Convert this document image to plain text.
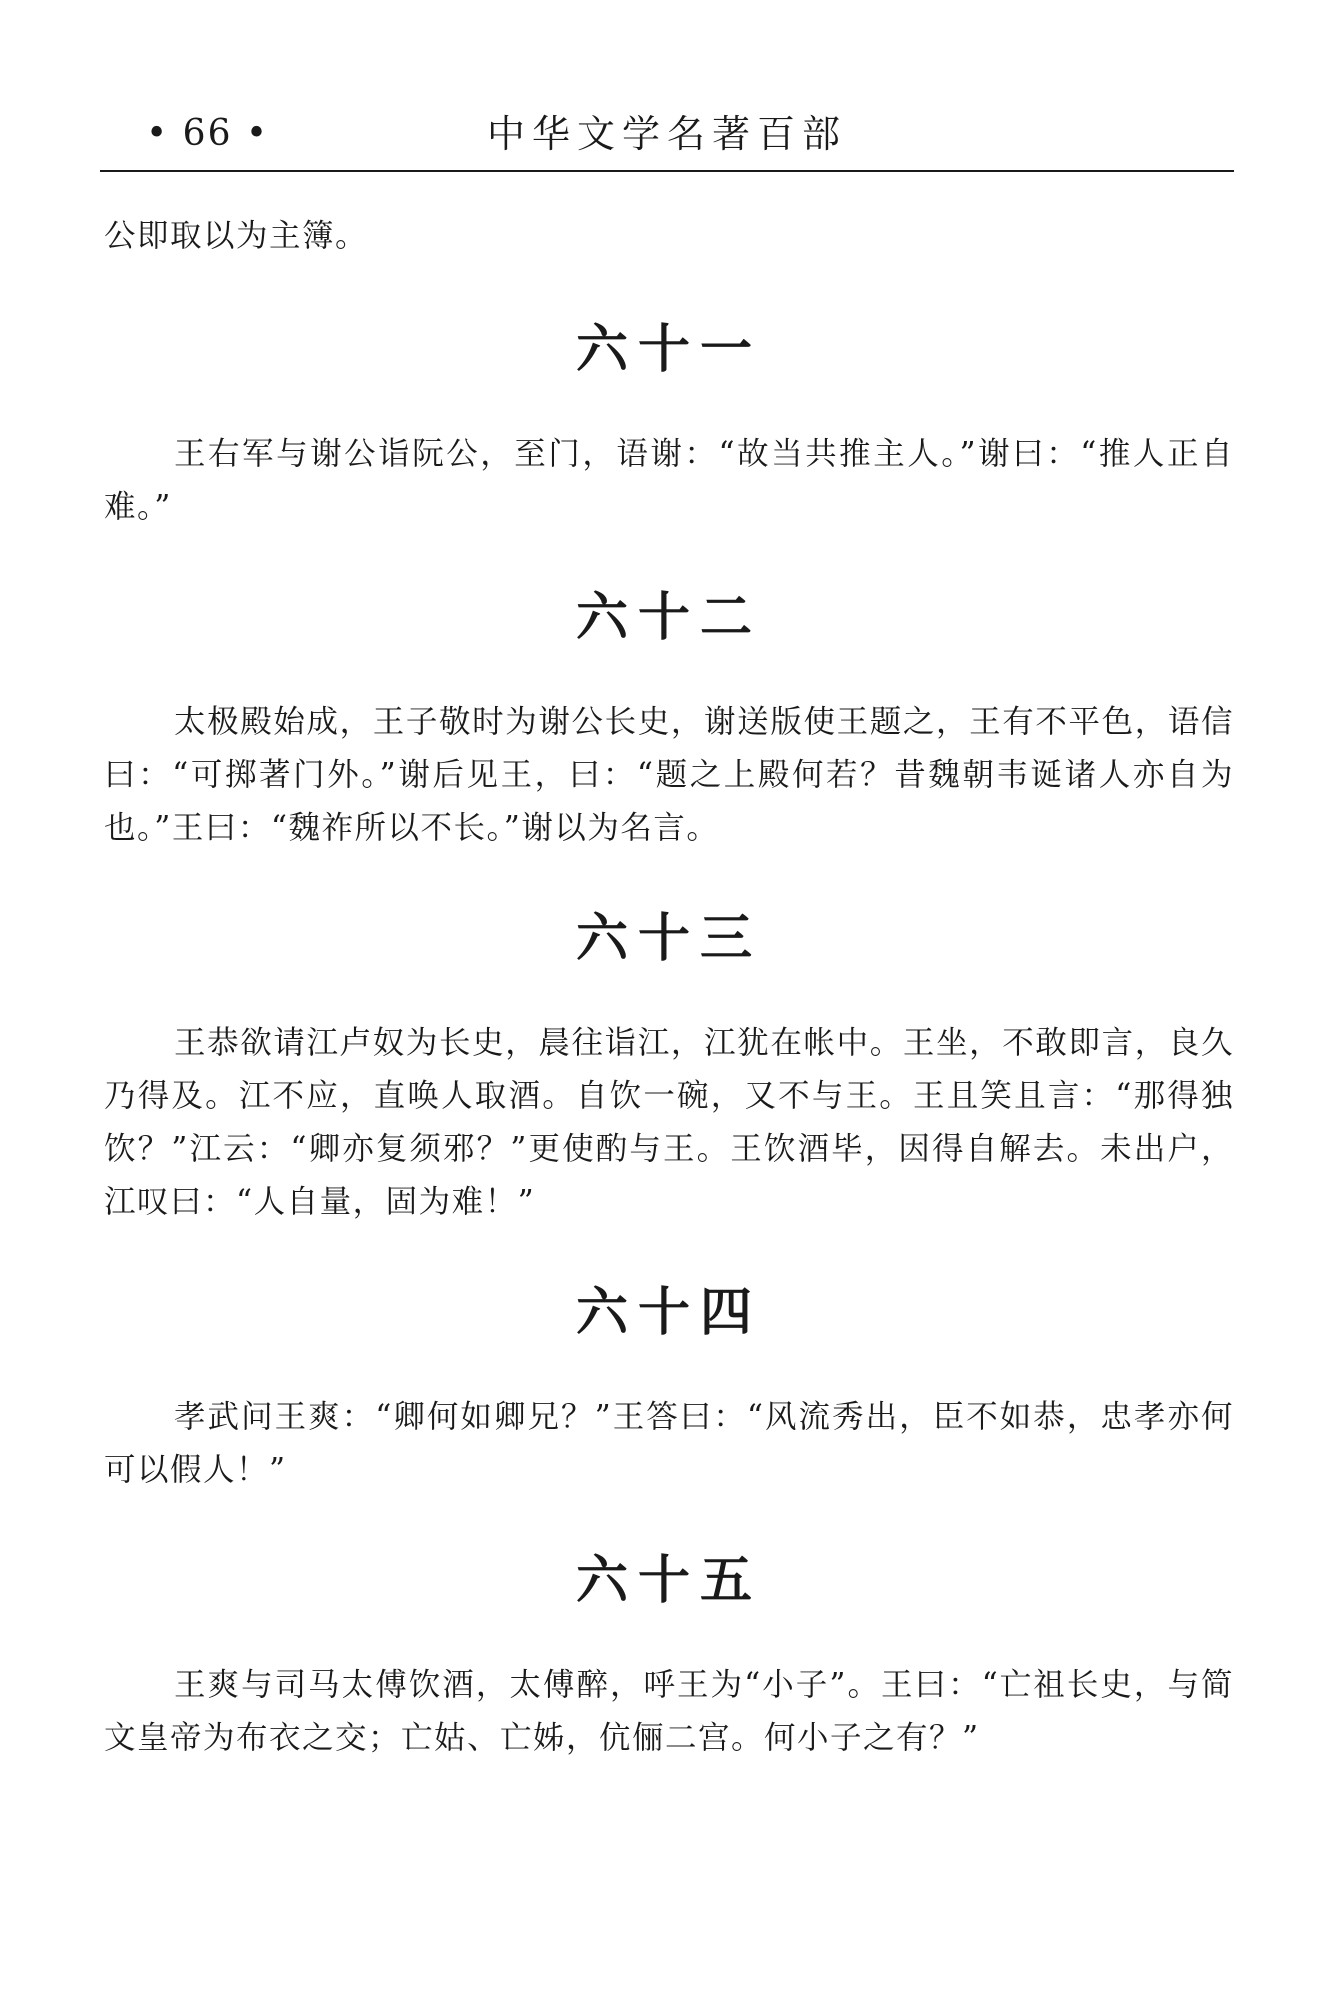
• 66 •	中华文学名著百部

公即取以为主簿。

六十一

王右军与谢公诣阮公，至门，语谢：“故当共推主人。”谢曰：“推人正自难。”

六十二

太极殿始成，王子敬时为谢公长史，谢送版使王题之，王有不平色，语信曰：“可掷著门外。”谢后见王，曰：“题之上殿何若？昔魏朝韦诞诸人亦自为也。”王曰：“魏祚所以不长。”谢以为名言。

六十三

王恭欲请江卢奴为长史，晨往诣江，江犹在帐中。王坐，不敢即言，良久乃得及。江不应，直唤人取酒。自饮一碗，又不与王。王且笑且言：“那得独饮？”江云：“卿亦复须邪？”更使酌与王。王饮酒毕，因得自解去。未出户，江叹曰：“人自量，固为难！”

六十四

孝武问王爽：“卿何如卿兄？”王答曰：“风流秀出，臣不如恭，忠孝亦何可以假人！”

六十五

王爽与司马太傅饮酒，太傅醉，呼王为“小子”。王曰：“亡祖长史，与简文皇帝为布衣之交；亡姑、亡姊，伉俪二宫。何小子之有？”
